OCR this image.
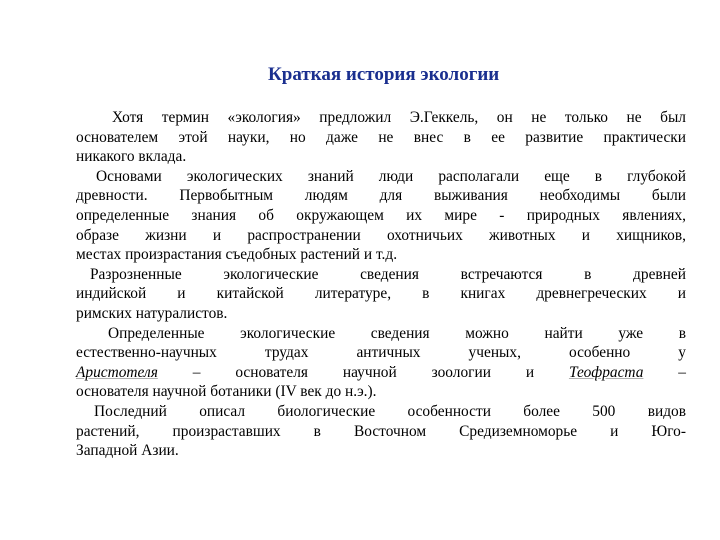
Краткая история экологии
Хотя термин «экология» предложил Э.Геккель, он не только не был
основателем этой науки, но даже не внес в ее развитие практически
никакого вклада.
Основами экологических знаний люди располагали еще в глубокой
древности. Первобытным людям для выживания необходимы были
определенные знания об окружающем их мире - природных явлениях,
образе жизни и распространении охотничьих животных и хищников,
местах произрастания съедобных растений и т.д.
Разрозненные экологические сведения встречаются в древней
индийской и китайской литературе, в книгах древнегреческих и
римских натуралистов.
Определенные экологические сведения можно найти уже в
естественно-научных трудах античных ученых, особенно у
Аристотеля – основателя научной зоологии и Теофраста –
основателя научной ботаники (IV век до н.э.).
Последний описал биологические особенности более 500 видов
растений, произраставших в Восточном Средиземноморье и Юго-
Западной Азии.
